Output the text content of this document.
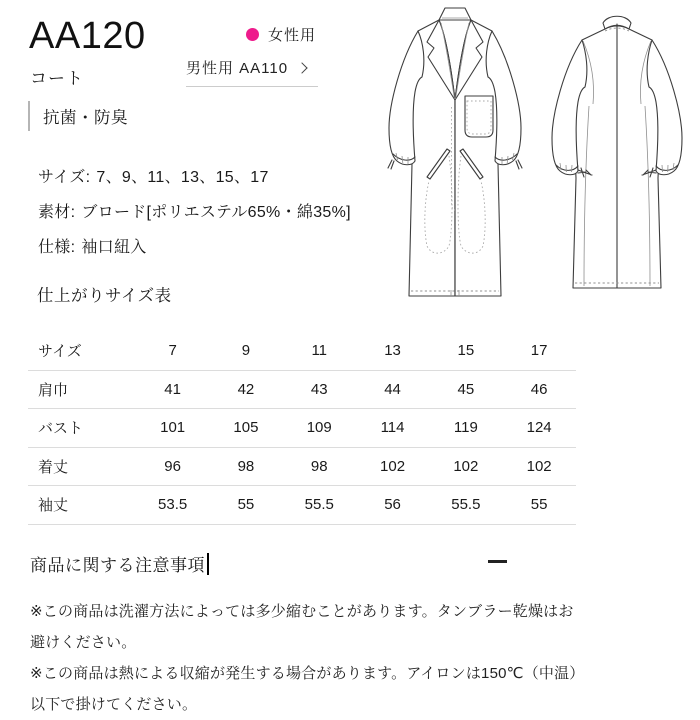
AA120
コート
女性用
男性用 AA110
抗菌・防臭
サイズ: 7、9、11、13、15、17
素材: ブロード[ポリエステル65%・綿35%]
仕様: 袖口紐入
仕上がりサイズ表
サイズ	7	9	11	13	15	17
肩巾	41	42	43	44	45	46
バスト	101	105	109	114	119	124
着丈	96	98	98	102	102	102
袖丈	53.5	55	55.5	56	55.5	55
商品に関する注意事項
※この商品は洗濯方法によっては多少縮むことがあります。タンブラー乾燥はお
避けください。
※この商品は熱による収縮が発生する場合があります。アイロンは150℃（中温）
以下で掛けてください。
